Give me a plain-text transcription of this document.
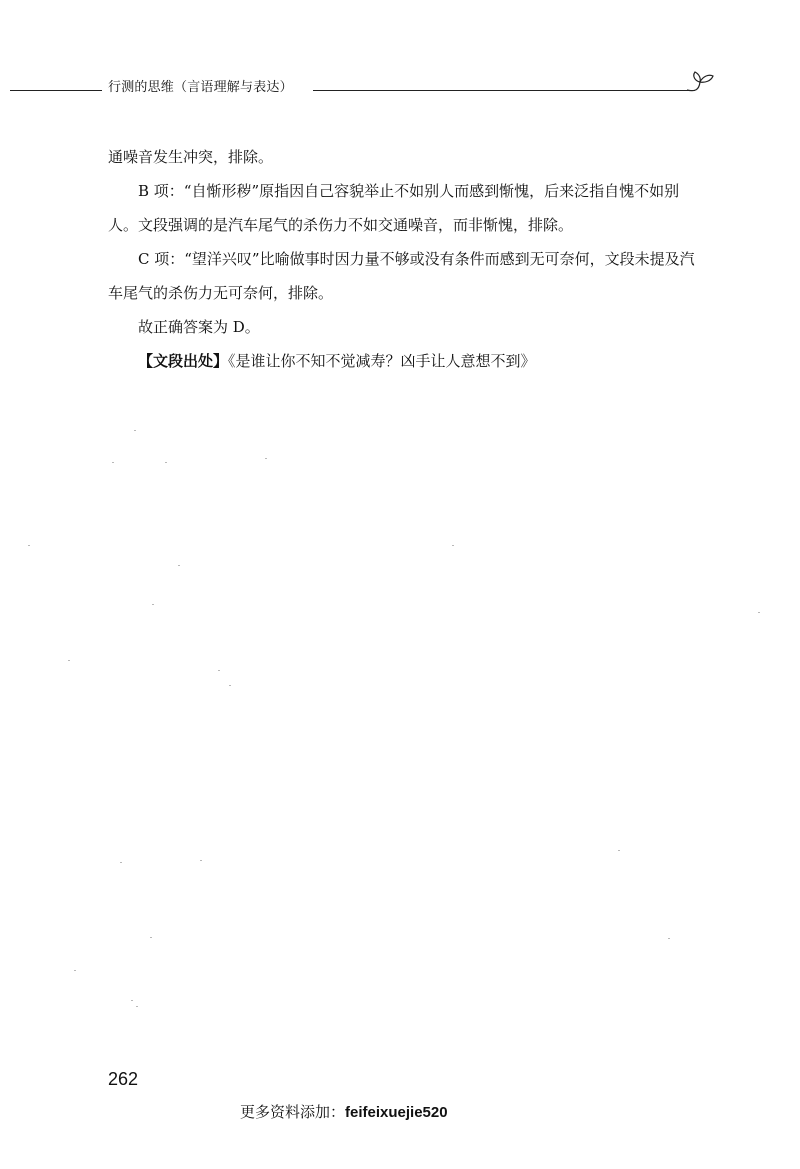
行测的思维（言语理解与表达）

通噪音发生冲突，排除。

B 项：“自惭形秽”原指因自己容貌举止不如别人而感到惭愧，后来泛指自愧不如别人。文段强调的是汽车尾气的杀伤力不如交通噪音，而非惭愧，排除。

C 项：“望洋兴叹”比喻做事时因力量不够或没有条件而感到无可奈何，文段未提及汽车尾气的杀伤力无可奈何，排除。

故正确答案为 D。

【文段出处】《是谁让你不知不觉减寿？凶手让人意想不到》

262
更多资料添加：feifeixuejie520
